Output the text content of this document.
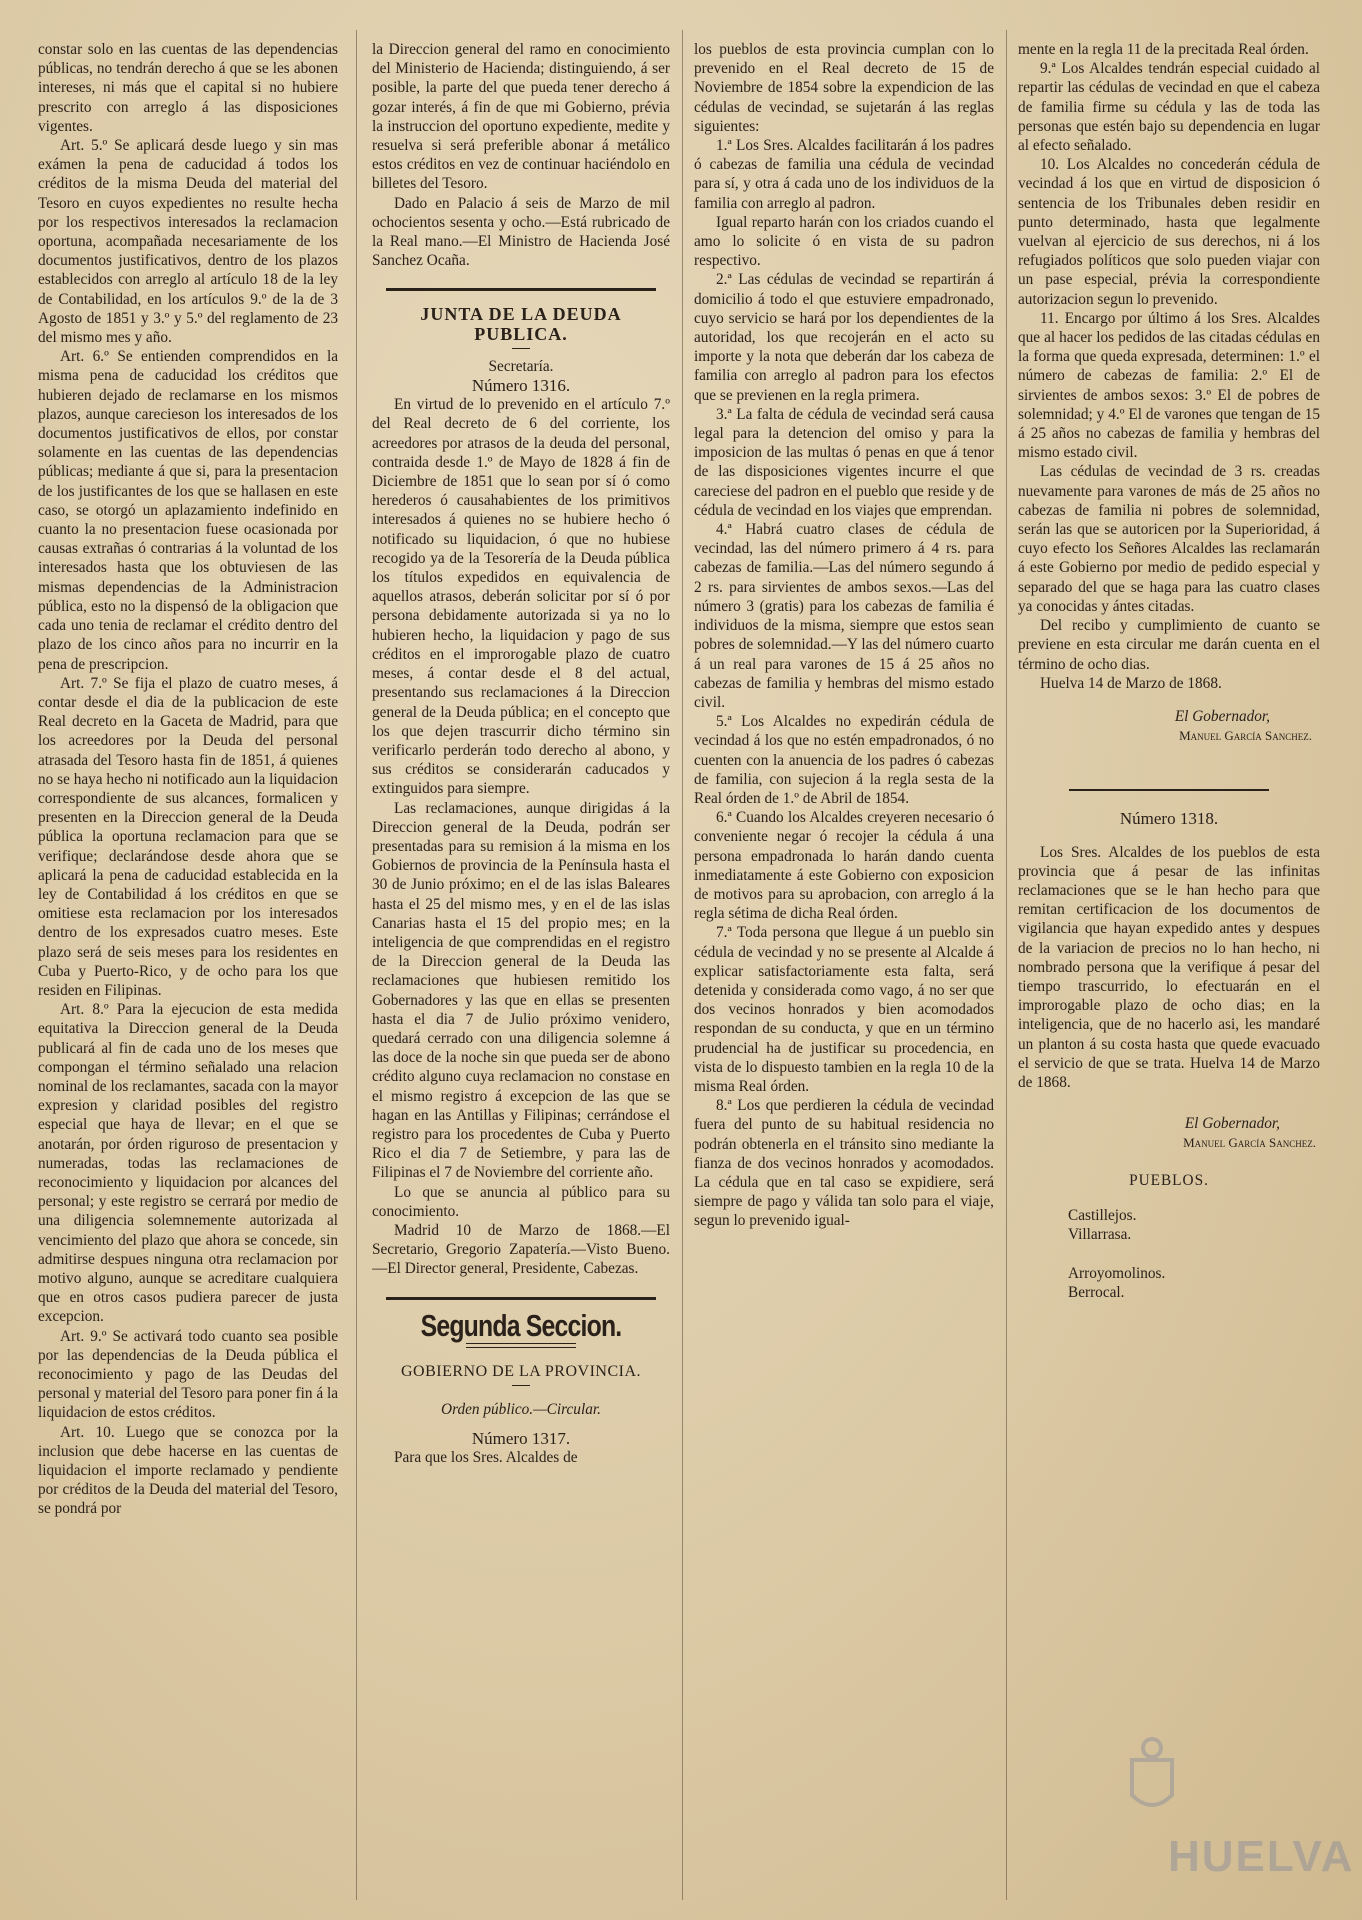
constar solo en las cuentas de las dependencias públicas, no tendrán derecho á que se les abonen intereses, ni más que el capital si no hubiere prescrito con arreglo á las disposiciones vigentes.

Art. 5.º Se aplicará desde luego y sin mas exámen la pena de caducidad á todos los créditos de la misma Deuda del material del Tesoro en cuyos expedientes no resulte hecha por los respectivos interesados la reclamacion oportuna, acompañada necesariamente de los documentos justificativos, dentro de los plazos establecidos con arreglo al artículo 18 de la ley de Contabilidad, en los artículos 9.º de la de 3 Agosto de 1851 y 3.º y 5.º del reglamento de 23 del mismo mes y año.

Art. 6.º Se entienden comprendidos en la misma pena de caducidad los créditos que hubieren dejado de reclamarse en los mismos plazos, aunque carecieson los interesados de los documentos justificativos de ellos, por constar solamente en las cuentas de las dependencias públicas; mediante á que si, para la presentacion de los justificantes de los que se hallasen en este caso, se otorgó un aplazamiento indefinido en cuanto la no presentacion fuese ocasionada por causas extrañas ó contrarias á la voluntad de los interesados hasta que los obtuviesen de las mismas dependencias de la Administracion pública, esto no la dispensó de la obligacion que cada uno tenia de reclamar el crédito dentro del plazo de los cinco años para no incurrir en la pena de prescripcion.

Art. 7.º Se fija el plazo de cuatro meses, á contar desde el dia de la publicacion de este Real decreto en la Gaceta de Madrid, para que los acreedores por la Deuda del personal atrasada del Tesoro hasta fin de 1851, á quienes no se haya hecho ni notificado aun la liquidacion correspondiente de sus alcances, formalicen y presenten en la Direccion general de la Deuda pública la oportuna reclamacion para que se verifique; declarándose desde ahora que se aplicará la pena de caducidad establecida en la ley de Contabilidad á los créditos en que se omitiese esta reclamacion por los interesados dentro de los expresados cuatro meses. Este plazo será de seis meses para los residentes en Cuba y Puerto-Rico, y de ocho para los que residen en Filipinas.

Art. 8.º Para la ejecucion de esta medida equitativa la Direccion general de la Deuda publicará al fin de cada uno de los meses que compongan el término señalado una relacion nominal de los reclamantes, sacada con la mayor expresion y claridad posibles del registro especial que haya de llevar; en el que se anotarán, por órden riguroso de presentacion y numeradas, todas las reclamaciones de reconocimiento y liquidacion por alcances del personal; y este registro se cerrará por medio de una diligencia solemnemente autorizada al vencimiento del plazo que ahora se concede, sin admitirse despues ninguna otra reclamacion por motivo alguno, aunque se acreditare cualquiera que en otros casos pudiera parecer de justa excepcion.

Art. 9.º Se activará todo cuanto sea posible por las dependencias de la Deuda pública el reconocimiento y pago de las Deudas del personal y material del Tesoro para poner fin á la liquidacion de estos créditos.

Art. 10. Luego que se conozca por la inclusion que debe hacerse en las cuentas de liquidacion el importe reclamado y pendiente por créditos de la Deuda del material del Tesoro, se pondrá por

la Direccion general del ramo en conocimiento del Ministerio de Hacienda; distinguiendo, á ser posible, la parte del que pueda tener derecho á gozar interés, á fin de que mi Gobierno, prévia la instruccion del oportuno expediente, medite y resuelva si será preferible abonar á metálico estos créditos en vez de continuar haciéndolo en billetes del Tesoro.

Dado en Palacio á seis de Marzo de mil ochocientos sesenta y ocho.—Está rubricado de la Real mano.—El Ministro de Hacienda José Sanchez Ocaña.

JUNTA DE LA DEUDA PUBLICA.

Secretaría.

Número 1316.

En virtud de lo prevenido en el artículo 7.º del Real decreto de 6 del corriente, los acreedores por atrasos de la deuda del personal, contraida desde 1.º de Mayo de 1828 á fin de Diciembre de 1851 que lo sean por sí ó como herederos ó causahabientes de los primitivos interesados á quienes no se hubiere hecho ó notificado su liquidacion, ó que no hubiese recogido ya de la Tesorería de la Deuda pública los títulos expedidos en equivalencia de aquellos atrasos, deberán solicitar por sí ó por persona debidamente autorizada si ya no lo hubieren hecho, la liquidacion y pago de sus créditos en el improrogable plazo de cuatro meses, á contar desde el 8 del actual, presentando sus reclamaciones á la Direccion general de la Deuda pública; en el concepto que los que dejen trascurrir dicho término sin verificarlo perderán todo derecho al abono, y sus créditos se considerarán caducados y extinguidos para siempre.

Las reclamaciones, aunque dirigidas á la Direccion general de la Deuda, podrán ser presentadas para su remision á la misma en los Gobiernos de provincia de la Península hasta el 30 de Junio próximo; en el de las islas Baleares hasta el 25 del mismo mes, y en el de las islas Canarias hasta el 15 del propio mes; en la inteligencia de que comprendidas en el registro de la Direccion general de la Deuda las reclamaciones que hubiesen remitido los Gobernadores y las que en ellas se presenten hasta el dia 7 de Julio próximo venidero, quedará cerrado con una diligencia solemne á las doce de la noche sin que pueda ser de abono crédito alguno cuya reclamacion no constase en el mismo registro á excepcion de las que se hagan en las Antillas y Filipinas; cerrándose el registro para los procedentes de Cuba y Puerto Rico el dia 7 de Setiembre, y para las de Filipinas el 7 de Noviembre del corriente año.

Lo que se anuncia al público para su conocimiento.

Madrid 10 de Marzo de 1868.—El Secretario, Gregorio Zapatería.—Visto Bueno.—El Director general, Presidente, Cabezas.

Segunda Seccion.

GOBIERNO DE LA PROVINCIA.

Orden público.—Circular.

Número 1317.

Para que los Sres. Alcaldes de

los pueblos de esta provincia cumplan con lo prevenido en el Real decreto de 15 de Noviembre de 1854 sobre la expendicion de las cédulas de vecindad, se sujetarán á las reglas siguientes:

1.ª Los Sres. Alcaldes facilitarán á los padres ó cabezas de familia una cédula de vecindad para sí, y otra á cada uno de los individuos de la familia con arreglo al padron.

Igual reparto harán con los criados cuando el amo lo solicite ó en vista de su padron respectivo.

2.ª Las cédulas de vecindad se repartirán á domicilio á todo el que estuviere empadronado, cuyo servicio se hará por los dependientes de la autoridad, los que recojerán en el acto su importe y la nota que deberán dar los cabeza de familia con arreglo al padron para los efectos que se previenen en la regla primera.

3.ª La falta de cédula de vecindad será causa legal para la detencion del omiso y para la imposicion de las multas ó penas en que á tenor de las disposiciones vigentes incurre el que careciese del padron en el pueblo que reside y de cédula de vecindad en los viajes que emprendan.

4.ª Habrá cuatro clases de cédula de vecindad, las del número primero á 4 rs. para cabezas de familia.—Las del número segundo á 2 rs. para sirvientes de ambos sexos.—Las del número 3 (gratis) para los cabezas de familia é individuos de la misma, siempre que estos sean pobres de solemnidad.—Y las del número cuarto á un real para varones de 15 á 25 años no cabezas de familia y hembras del mismo estado civil.

5.ª Los Alcaldes no expedirán cédula de vecindad á los que no estén empadronados, ó no cuenten con la anuencia de los padres ó cabezas de familia, con sujecion á la regla sesta de la Real órden de 1.º de Abril de 1854.

6.ª Cuando los Alcaldes creyeren necesario ó conveniente negar ó recojer la cédula á una persona empadronada lo harán dando cuenta inmediatamente á este Gobierno con exposicion de motivos para su aprobacion, con arreglo á la regla sétima de dicha Real órden.

7.ª Toda persona que llegue á un pueblo sin cédula de vecindad y no se presente al Alcalde á explicar satisfactoriamente esta falta, será detenida y considerada como vago, á no ser que dos vecinos honrados y bien acomodados respondan de su conducta, y que en un término prudencial ha de justificar su procedencia, en vista de lo dispuesto tambien en la regla 10 de la misma Real órden.

8.ª Los que perdieren la cédula de vecindad fuera del punto de su habitual residencia no podrán obtenerla en el tránsito sino mediante la fianza de dos vecinos honrados y acomodados. La cédula que en tal caso se expidiere, será siempre de pago y válida tan solo para el viaje, segun lo prevenido igual-

mente en la regla 11 de la precitada Real órden.

9.ª Los Alcaldes tendrán especial cuidado al repartir las cédulas de vecindad en que el cabeza de familia firme su cédula y las de toda las personas que estén bajo su dependencia en lugar al efecto señalado.

10. Los Alcaldes no concederán cédula de vecindad á los que en virtud de disposicion ó sentencia de los Tribunales deben residir en punto determinado, hasta que legalmente vuelvan al ejercicio de sus derechos, ni á los refugiados políticos que solo pueden viajar con un pase especial, prévia la correspondiente autorizacion segun lo prevenido.

11. Encargo por último á los Sres. Alcaldes que al hacer los pedidos de las citadas cédulas en la forma que queda expresada, determinen: 1.º el número de cabezas de familia: 2.º El de sirvientes de ambos sexos: 3.º El de pobres de solemnidad; y 4.º El de varones que tengan de 15 á 25 años no cabezas de familia y hembras del mismo estado civil.

Las cédulas de vecindad de 3 rs. creadas nuevamente para varones de más de 25 años no cabezas de familia ni pobres de solemnidad, serán las que se autoricen por la Superioridad, á cuyo efecto los Señores Alcaldes las reclamarán á este Gobierno por medio de pedido especial y separado del que se haga para las cuatro clases ya conocidas y ántes citadas.

Del recibo y cumplimiento de cuanto se previene en esta circular me darán cuenta en el término de ocho dias.

Huelva 14 de Marzo de 1868.

El Gobernador,

Manuel García Sanchez.

Número 1318.

Los Sres. Alcaldes de los pueblos de esta provincia que á pesar de las infinitas reclamaciones que se le han hecho para que remitan certificacion de los documentos de vigilancia que hayan expedido antes y despues de la variacion de precios no lo han hecho, ni nombrado persona que la verifique á pesar del tiempo trascurrido, lo efectuarán en el improrogable plazo de ocho dias; en la inteligencia, que de no hacerlo asi, les mandaré un planton á su costa hasta que quede evacuado el servicio de que se trata. Huelva 14 de Marzo de 1868.

El Gobernador,

Manuel García Sanchez.

PUEBLOS.

Castillejos.

Villarrasa.

Arroyomolinos.

Berrocal.

HUELVA
